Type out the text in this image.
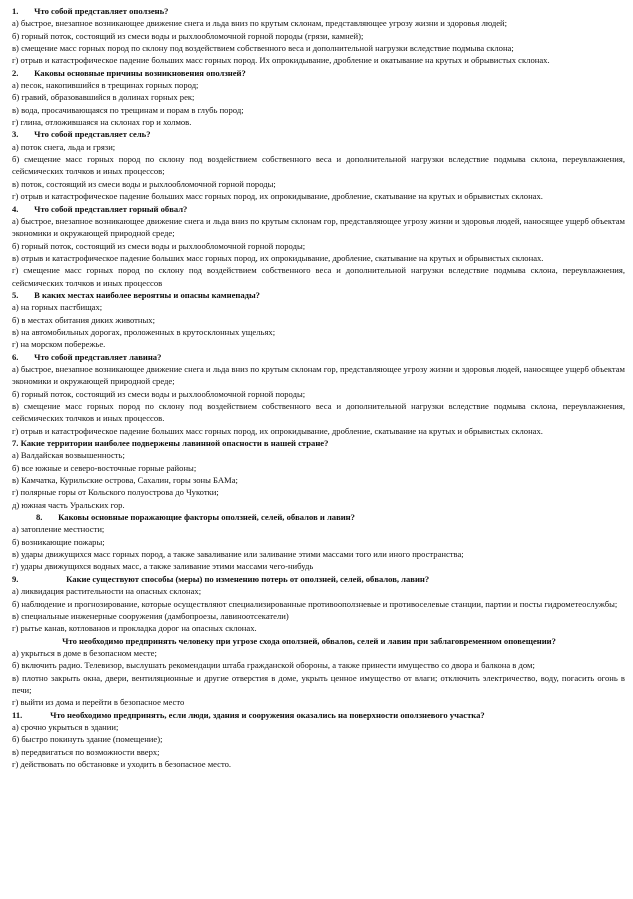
1. Что собой представляет оползень?
а) быстрое, внезапное возникающее движение снега и льда вниз по крутым склонам, представляющее угрозу жизни и здоровья людей;
б) горный поток, состоящий из смеси воды и рыхлообломочной горной породы (грязи, камней);
в) смещение масс горных пород по склону под воздействием собственного веса и дополнительной нагрузки вследствие подмыва склона;
г) отрыв и катастрофическое падение больших масс горных пород. Их опрокидывание, дробление и окатывание на крутых и обрывистых склонах.
2. Каковы основные причины возникновения оползней?
а) песок, накопившийся в трещинах горных пород;
б) гравий, образовавшийся в долинах горных рек;
в) вода, просачивающаяся по трещинам и порам в глубь пород;
г) глина, отложившаяся на склонах гор и холмов.
3. Что собой представляет сель?
а) поток снега, льда и грязи;
б) смещение масс горных пород по склону под воздействием собственного веса и дополнительной нагрузки вследствие подмыва склона, переувлажнения, сейсмических толчков и иных процессов;
в) поток, состоящий из смеси воды и рыхлообломочной горной породы;
г) отрыв и катастрофическое падение больших масс горных пород, их опрокидывание, дробление, скатывание на крутых и обрывистых склонах.
4. Что собой представляет горный обвал?
а) быстрое, внезапное возникающее движение снега и льда вниз по крутым склонам гор, представляющее угрозу жизни и здоровья людей, наносящее ущерб объектам экономики и окружающей природной среде;
б) горный поток, состоящий из смеси воды и рыхлообломочной горной породы;
в) отрыв и катастрофическое падение больших масс горных пород, их опрокидывание, дробление, скатывание на крутых и обрывистых склонах.
г) смещение масс горных пород по склону под воздействием собственного веса и дополнительной нагрузки вследствие подмыва склона, переувлажнения, сейсмических толчков и иных процессов
5. В каких местах наиболее вероятны и опасны камнепады?
а) на горных пастбищах;
б) в местах обитания диких животных;
в) на автомобильных дорогах, проложенных в крутосклонных ущельях;
г) на морском побережье.
6. Что собой представляет лавина?
а) быстрое, внезапное возникающее движение снега и льда вниз по крутым склонам гор, представляющее угрозу жизни и здоровья людей, наносящее ущерб объектам экономики и окружающей природной среде;
б) горный поток, состоящий из смеси воды и рыхлообломочной горной породы;
в) смещение масс горных пород по склону под воздействием собственного веса и дополнительной нагрузки вследствие подмыва склона, переувлажнения, сейсмических толчков и иных процессов.
г) отрыв и катастрофическое падение больших масс горных пород, их опрокидывание, дробление, скатывание на крутых и обрывистых склонах.
7. Какие территории наиболее подвержены лавинной опасности в нашей стране?
а) Валдайская возвышенность;
б) все южные и северо-восточные горные районы;
в) Камчатка, Курильские острова, Сахалин, горы зоны БАМа;
г) полярные горы от Кольского полуострова до Чукотки;
д) южная часть Уральских гор.
8. Каковы основные поражающие факторы оползней, селей, обвалов и лавин?
а) затопление местности;
б) возникающие пожары;
в) удары движущихся масс горных пород, а также заваливание или заливание этими массами того или иного пространства;
г) удары движущихся водных масс, а также заливание этими массами чего-нибудь
9.	Какие существуют способы (меры) по изменению потерь от оползней, селей, обвалов, лавин?
а) ликвидация растительности на опасных склонах;
б) наблюдение и прогнозирование, которые осуществляют специализированные противооползневые и противоселевые станции, партии и посты гидрометеослужбы;
в) специальные инженерные сооружения (дамбопроезы, лавиноотсекатели)
г) рытье канав, котлованов и прокладка дорог на опасных склонах.
Что необходимо предпринять человеку при угрозе схода оползней, обвалов, селей и лавин при заблаговременном оповещении?
а) укрыться в доме в безопасном месте;
б) включить радио. Телевизор, выслушать рекомендации штаба гражданской обороны, а также принести имущество со двора и балкона в дом;
в) плотно закрыть окна, двери, вентиляционные и другие отверстия в доме, укрыть ценное имущество от влаги; отключить электричество, воду, погасить огонь в печи;
г) выйти из дома и перейти в безопасное место
11.	Что необходимо предпринять, если люди, здания и сооружения оказались на поверхности оползневого участка?
а) срочно укрыться в здании;
б) быстро покинуть здание (помещение);
в) передвигаться по возможности вверх;
г) действовать по обстановке и уходить в безопасное место.
